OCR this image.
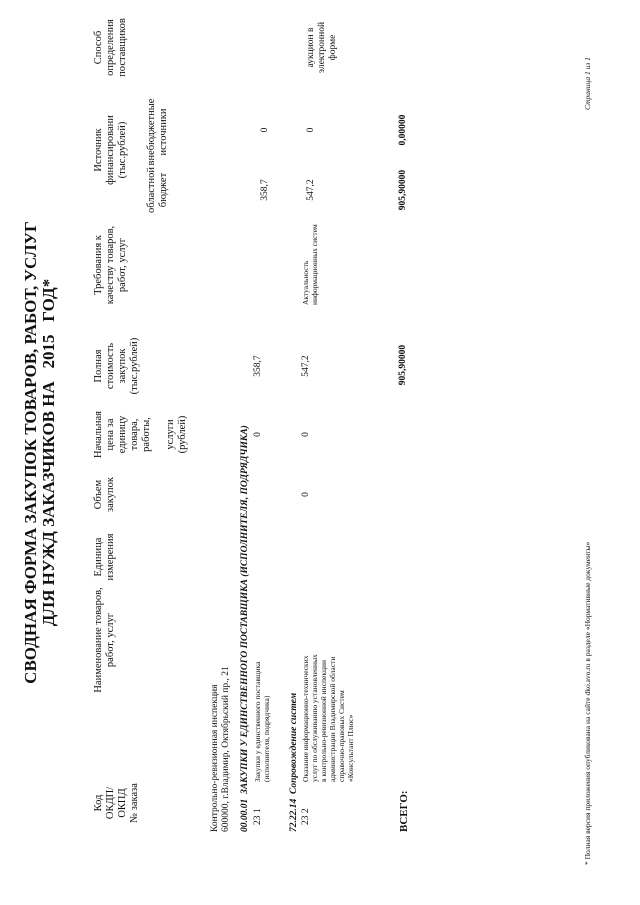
СВОДНАЯ ФОРМА ЗАКУПОК ТОВАРОВ, РАБОТ, УСЛУГ ДЛЯ НУЖД ЗАКАЗЧИКОВ НА   2015   ГОД*
Код ОКДП/ ОКПД № заказа
Наименование товаров, работ, услуг
Единица измерения
Объем закупок
Начальная цена за единицу товара, работы, услуги (рублей)
Полная стоимость закупок (тыс.рублей)
Требования к качеству товаров, работ, услуг
Источник финансировани (тыс.рублей)
областной бюджет
внебюджетные источники
Способ определения поставщиков
Контрольно-ревизионная инспекция 600000, г.Владимир, Октябрьский пр., 21 00.00.01  ЗАКУПКИ У ЕДИНСТВЕННОГО ПОСТАВЩИКА (ИСПОЛНИТЕЛЯ, ПОДРЯДЧИКА)
23 1
Закупки у единственного поставщика (исполнителя, подрядчика)
0
358,7
358,7
0
72.22.14  Сопровождение систем
23 2
Оказание информационно-технических услуг по обслуживанию установленных в контрольно-ревизионной инспекции администрации Владимирской области справочно-правовых Систем «Консультант Плюс»
0
0
547,2
Актуальность информационных систем
547,2
0
аукцион в электронной форме
ВСЕГО:
905,90000
905,90000
0,00000
* Полная версия приложения опубликована на сайте dko.avo.ru в разделе «Нормативные документы»
Страница 1 из 1
